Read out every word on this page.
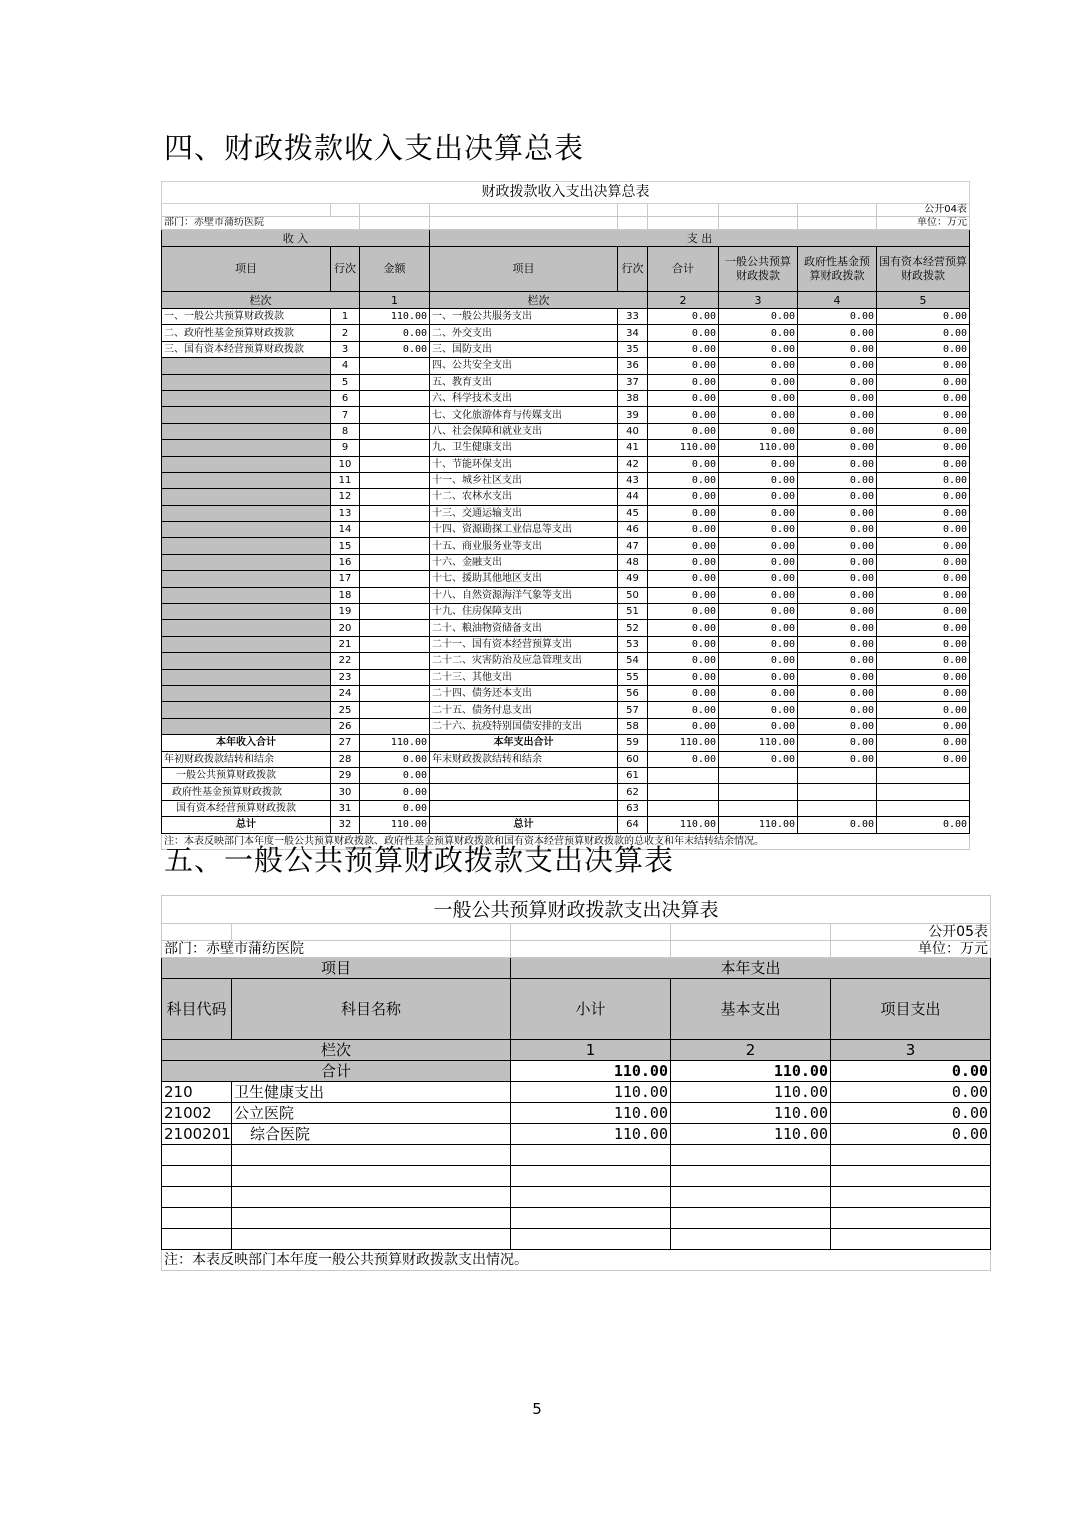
四、财政拨款收入支出决算总表
财政拨款收入支出决算总表								
								公开04表
部门：赤壁市蒲纺医院								单位：万元
收 入			支 出					
项目	行次	金额	项目	行次	合计	一般公共预算财政拨款	政府性基金预算财政拨款	国有资本经营预算财政拨款
栏次		1	栏次		2	3	4	5
一、一般公共预算财政拨款	1	110.00	一、一般公共服务支出	33	0.00	0.00	0.00	0.00
二、政府性基金预算财政拨款	2	0.00	二、外交支出	34	0.00	0.00	0.00	0.00
三、国有资本经营预算财政拨款	3	0.00	三、国防支出	35	0.00	0.00	0.00	0.00
	4		四、公共安全支出	36	0.00	0.00	0.00	0.00
	5		五、教育支出	37	0.00	0.00	0.00	0.00
	6		六、科学技术支出	38	0.00	0.00	0.00	0.00
	7		七、文化旅游体育与传媒支出	39	0.00	0.00	0.00	0.00
	8		八、社会保障和就业支出	40	0.00	0.00	0.00	0.00
	9		九、卫生健康支出	41	110.00	110.00	0.00	0.00
	10		十、节能环保支出	42	0.00	0.00	0.00	0.00
	11		十一、城乡社区支出	43	0.00	0.00	0.00	0.00
	12		十二、农林水支出	44	0.00	0.00	0.00	0.00
	13		十三、交通运输支出	45	0.00	0.00	0.00	0.00
	14		十四、资源勘探工业信息等支出	46	0.00	0.00	0.00	0.00
	15		十五、商业服务业等支出	47	0.00	0.00	0.00	0.00
	16		十六、金融支出	48	0.00	0.00	0.00	0.00
	17		十七、援助其他地区支出	49	0.00	0.00	0.00	0.00
	18		十八、自然资源海洋气象等支出	50	0.00	0.00	0.00	0.00
	19		十九、住房保障支出	51	0.00	0.00	0.00	0.00
	20		二十、粮油物资储备支出	52	0.00	0.00	0.00	0.00
	21		二十一、国有资本经营预算支出	53	0.00	0.00	0.00	0.00
	22		二十二、灾害防治及应急管理支出	54	0.00	0.00	0.00	0.00
	23		二十三、其他支出	55	0.00	0.00	0.00	0.00
	24		二十四、债务还本支出	56	0.00	0.00	0.00	0.00
	25		二十五、债务付息支出	57	0.00	0.00	0.00	0.00
	26		二十六、抗疫特别国债安排的支出	58	0.00	0.00	0.00	0.00
本年收入合计	27	110.00	本年支出合计	59	110.00	110.00	0.00	0.00
年初财政拨款结转和结余	28	0.00	年末财政拨款结转和结余	60	0.00	0.00	0.00	0.00
一般公共预算财政拨款	29	0.00		61				
政府性基金预算财政拨款	30	0.00		62				
国有资本经营预算财政拨款	31	0.00		63				
总计	32	110.00	总计	64	110.00	110.00	0.00	0.00
注：本表反映部门本年度一般公共预算财政拨款、政府性基金预算财政拨款和国有资本经营预算财政拨款的总收支和年末结转结余情况。								
五、一般公共预算财政拨款支出决算表
一般公共预算财政拨款支出决算表				
				公开05表
部门：赤壁市蒲纺医院				单位：万元
项目		本年支出		
科目代码	科目名称	小计	基本支出	项目支出
栏次		1	2	3
合计		110.00	110.00	0.00
210	卫生健康支出	110.00	110.00	0.00
21002	公立医院	110.00	110.00	0.00
2100201	综合医院	110.00	110.00	0.00

注：本表反映部门本年度一般公共预算财政拨款支出情况。				
5
